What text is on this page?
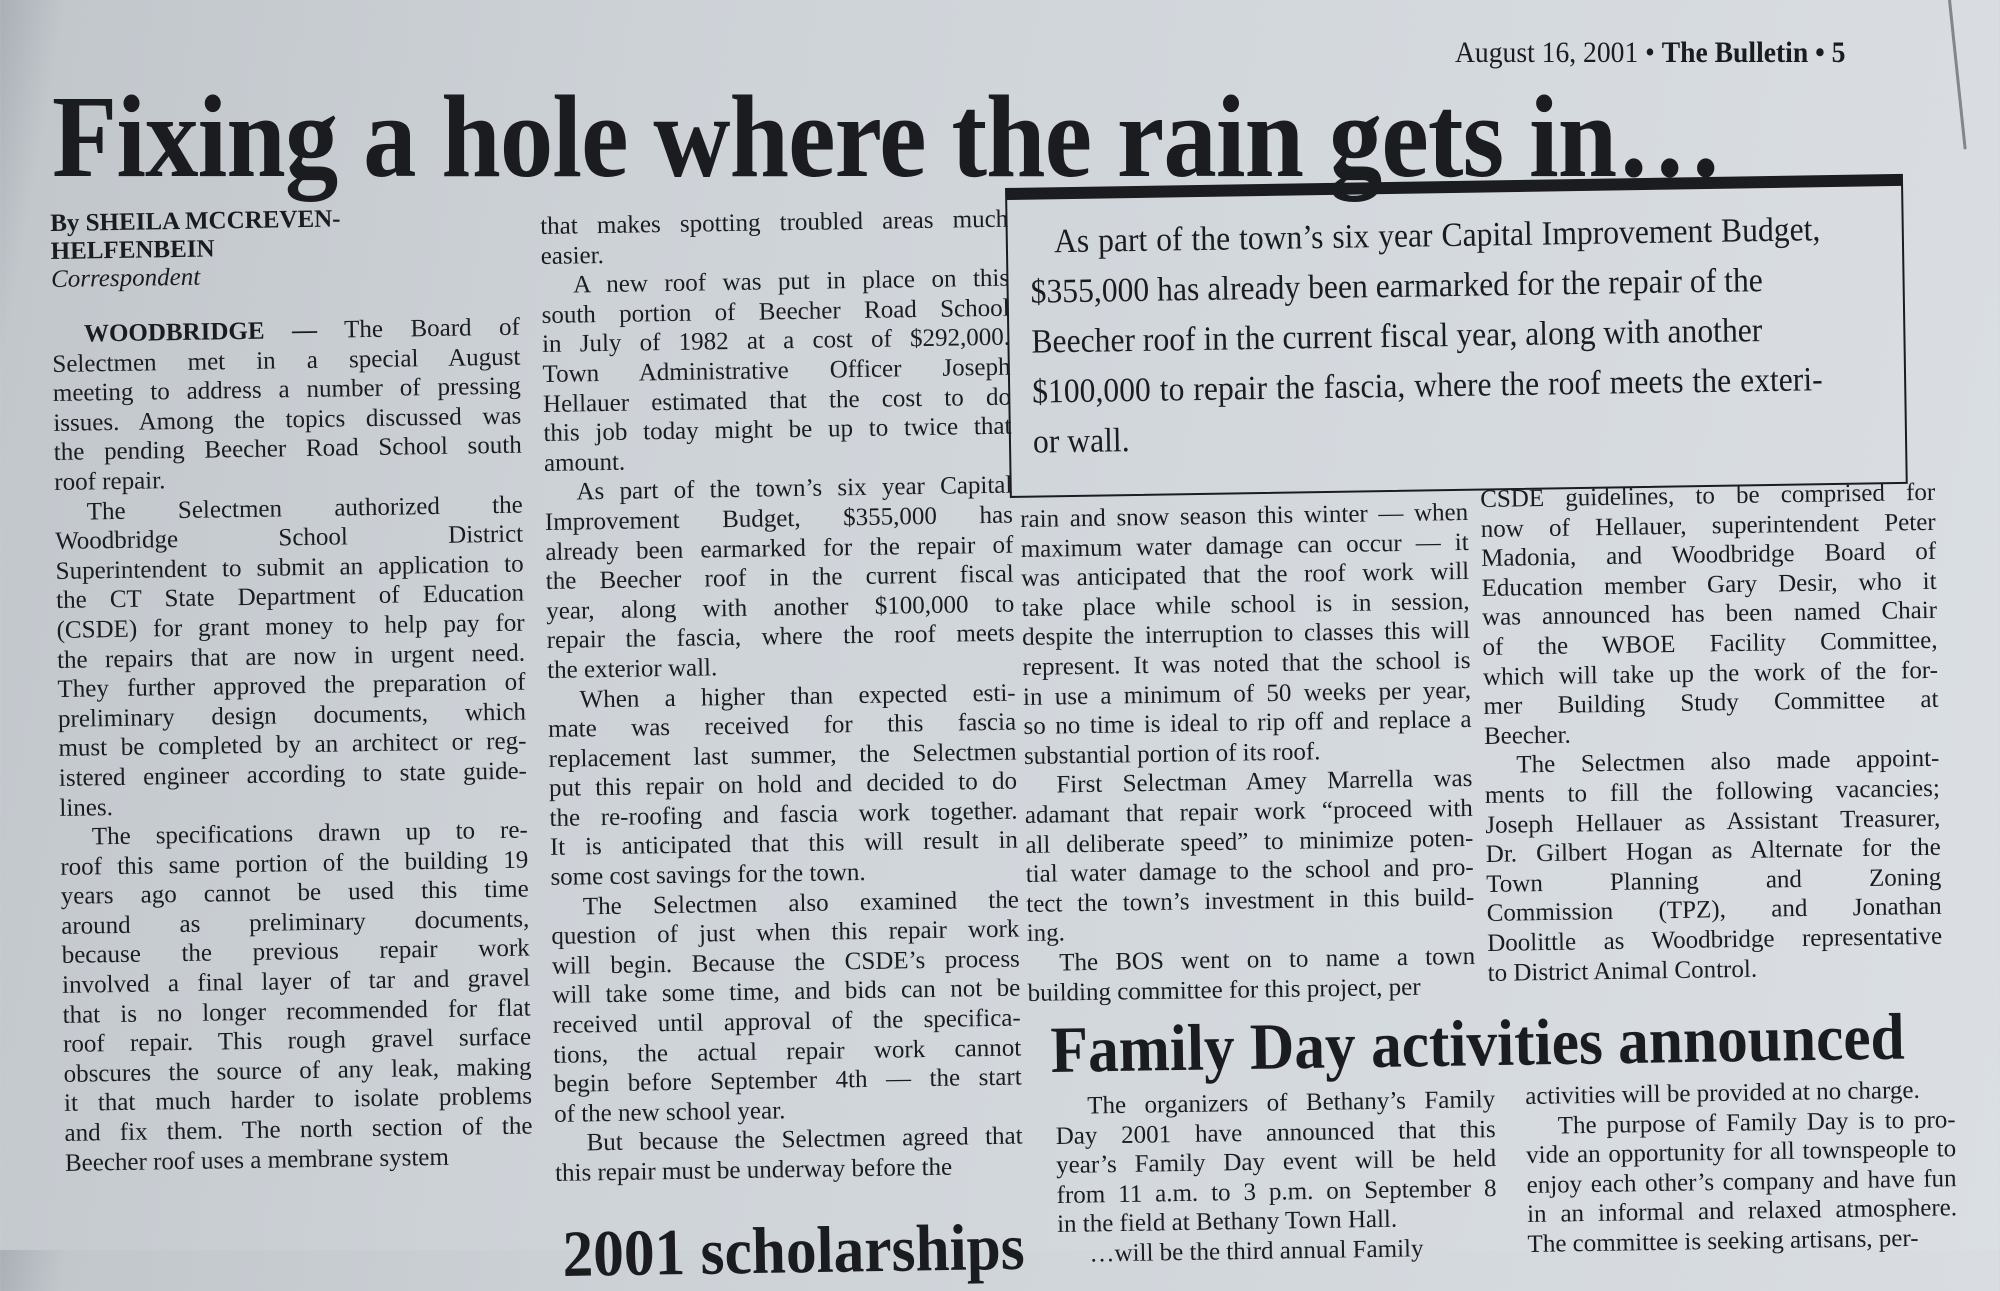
August 16, 2001 • The Bulletin • 5
Fixing a hole where the rain gets in…

By SHEILA MCCREVEN-
HELFENBEIN

Correspondent

WOODBRIDGE — The Board of
Selectmen met in a special August
meeting to address a number of pressing
issues. Among the topics discussed was
the pending Beecher Road School south
roof repair.

The Selectmen authorized the
Woodbridge School District
Superintendent to submit an application to
the CT State Department of Education
(CSDE) for grant money to help pay for
the repairs that are now in urgent need.
They further approved the preparation of
preliminary design documents, which
must be completed by an architect or reg-
istered engineer according to state guide-
lines.

The specifications drawn up to re-
roof this same portion of the building 19
years ago cannot be used this time
around as preliminary documents,
because the previous repair work
involved a final layer of tar and gravel
that is no longer recommended for flat
roof repair. This rough gravel surface
obscures the source of any leak, making
it that much harder to isolate problems
and fix them. The north section of the
Beecher roof uses a membrane system

that makes spotting troubled areas much
easier.

A new roof was put in place on this
south portion of Beecher Road School
in July of 1982 at a cost of $292,000.
Town Administrative Officer Joseph
Hellauer estimated that the cost to do
this job today might be up to twice that
amount.

As part of the town’s six year Capital
Improvement Budget, $355,000 has
already been earmarked for the repair of
the Beecher roof in the current fiscal
year, along with another $100,000 to
repair the fascia, where the roof meets
the exterior wall.

When a higher than expected esti-
mate was received for this fascia
replacement last summer, the Selectmen
put this repair on hold and decided to do
the re-roofing and fascia work together.
It is anticipated that this will result in
some cost savings for the town.

The Selectmen also examined the
question of just when this repair work
will begin. Because the CSDE’s process
will take some time, and bids can not be
received until approval of the specifica-
tions, the actual repair work cannot
begin before September 4th — the start
of the new school year.

But because the Selectmen agreed that
this repair must be underway before the

As part of the town’s six year Capital Improvement Budget,
$355,000 has already been earmarked for the repair of the
Beecher roof in the current fiscal year, along with another
$100,000 to repair the fascia, where the roof meets the exteri-
or wall.

rain and snow season this winter — when
maximum water damage can occur — it
was anticipated that the roof work will
take place while school is in session,
despite the interruption to classes this will
represent. It was noted that the school is
in use a minimum of 50 weeks per year,
so no time is ideal to rip off and replace a
substantial portion of its roof.

First Selectman Amey Marrella was
adamant that repair work “proceed with
all deliberate speed” to minimize poten-
tial water damage to the school and pro-
tect the town’s investment in this build-
ing.

The BOS went on to name a town
building committee for this project, per

CSDE guidelines, to be comprised for
now of Hellauer, superintendent Peter
Madonia, and Woodbridge Board of
Education member Gary Desir, who it
was announced has been named Chair
of the WBOE Facility Committee,
which will take up the work of the for-
mer Building Study Committee at
Beecher.

The Selectmen also made appoint-
ments to fill the following vacancies;
Joseph Hellauer as Assistant Treasurer,
Dr. Gilbert Hogan as Alternate for the
Town Planning and Zoning
Commission (TPZ), and Jonathan
Doolittle as Woodbridge representative
to District Animal Control.

Family Day activities announced

The organizers of Bethany’s Family
Day 2001 have announced that this
year’s Family Day event will be held
from 11 a.m. to 3 p.m. on September 8
in the field at Bethany Town Hall.

…will be the third annual Family

activities will be provided at no charge.

The purpose of Family Day is to pro-
vide an opportunity for all townspeople to
enjoy each other’s company and have fun
in an informal and relaxed atmosphere.
The committee is seeking artisans, per-

2001 scholarships
